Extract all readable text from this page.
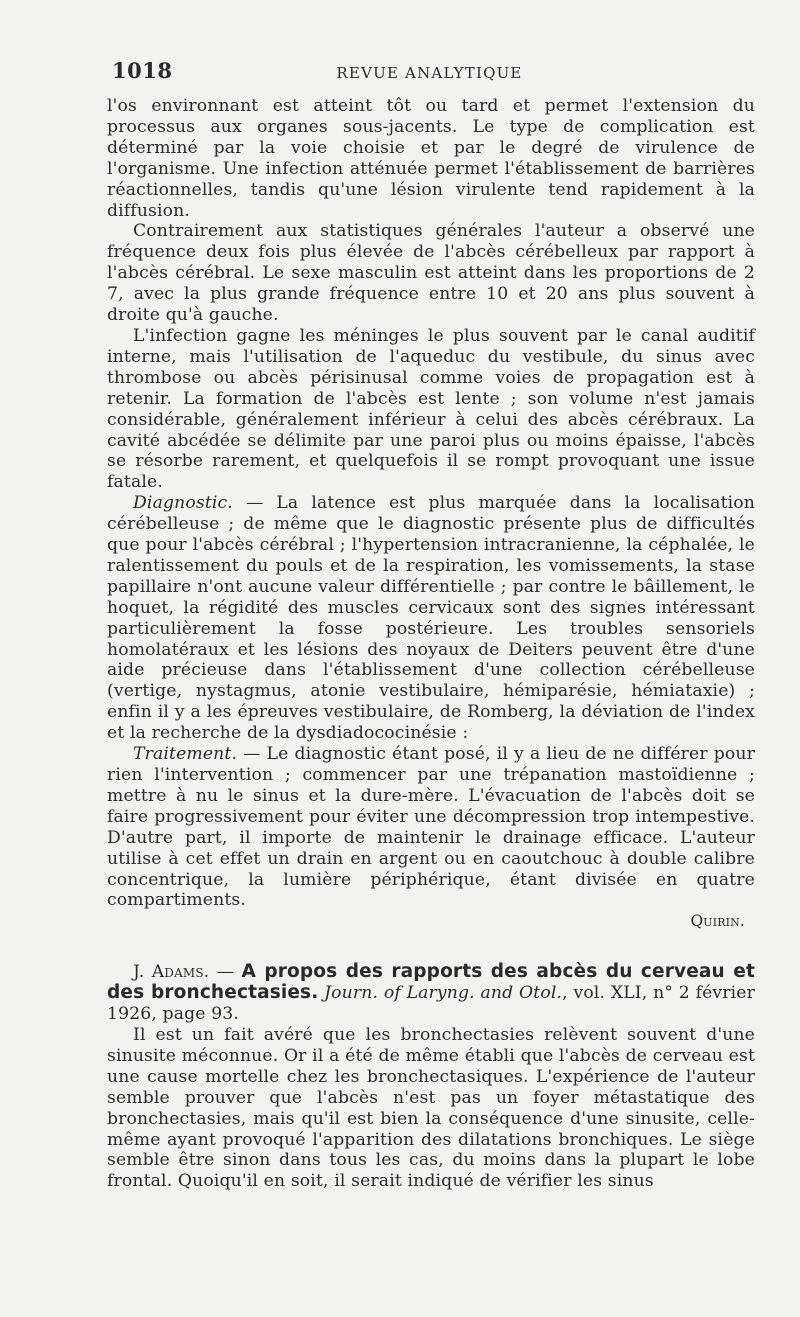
1018	REVUE ANALYTIQUE

l'os environnant est atteint tôt ou tard et permet l'extension du processus aux organes sous-jacents. Le type de complication est déterminé par la voie choisie et par le degré de virulence de l'organisme. Une infection atténuée permet l'établissement de barrières réactionnelles, tandis qu'une lésion virulente tend rapidement à la diffusion.

Contrairement aux statistiques générales l'auteur a observé une fréquence deux fois plus élevée de l'abcès cérébelleux par rapport à l'abcès cérébral. Le sexe masculin est atteint dans les proportions de 2 7, avec la plus grande fréquence entre 10 et 20 ans plus souvent à droite qu'à gauche.

L'infection gagne les méninges le plus souvent par le canal auditif interne, mais l'utilisation de l'aqueduc du vestibule, du sinus avec thrombose ou abcès périsinusal comme voies de propagation est à retenir. La formation de l'abcès est lente ; son volume n'est jamais considérable, généralement inférieur à celui des abcès cérébraux. La cavité abcédée se délimite par une paroi plus ou moins épaisse, l'abcès se résorbe rarement, et quelquefois il se rompt provoquant une issue fatale.

Diagnostic. — La latence est plus marquée dans la localisation cérébelleuse ; de même que le diagnostic présente plus de difficultés que pour l'abcès cérébral ; l'hypertension intracranienne, la céphalée, le ralentissement du pouls et de la respiration, les vomissements, la stase papillaire n'ont aucune valeur différentielle ; par contre le bâillement, le hoquet, la régidité des muscles cervicaux sont des signes intéressant particulièrement la fosse postérieure. Les troubles sensoriels homolatéraux et les lésions des noyaux de Deiters peuvent être d'une aide précieuse dans l'établissement d'une collection cérébelleuse (vertige, nystagmus, atonie vestibulaire, hémiparésie, hémiataxie) ; enfin il y a les épreuves vestibulaire, de Romberg, la déviation de l'index et la recherche de la dysdiadococinésie :

Traitement. — Le diagnostic étant posé, il y a lieu de ne différer pour rien l'intervention ; commencer par une trépanation mastoïdienne ; mettre à nu le sinus et la dure-mère. L'évacuation de l'abcès doit se faire progressivement pour éviter une décompression trop intempestive. D'autre part, il importe de maintenir le drainage efficace. L'auteur utilise à cet effet un drain en argent ou en caoutchouc à double calibre concentrique, la lumière périphérique, étant divisée en quatre compartiments.

Quirin.

J. Adams. — A propos des rapports des abcès du cerveau et des bronchectasies. Journ. of Laryng. and Otol., vol. XLI, n° 2 février 1926, page 93.

Il est un fait avéré que les bronchectasies relèvent souvent d'une sinusite méconnue. Or il a été de même établi que l'abcès de cerveau est une cause mortelle chez les bronchectasiques. L'expérience de l'auteur semble prouver que l'abcès n'est pas un foyer métastatique des bronchectasies, mais qu'il est bien la conséquence d'une sinusite, celle-même ayant provoqué l'apparition des dilatations bronchiques. Le siège semble être sinon dans tous les cas, du moins dans la plupart le lobe frontal. Quoiqu'il en soit, il serait indiqué de vérifier les sinus
